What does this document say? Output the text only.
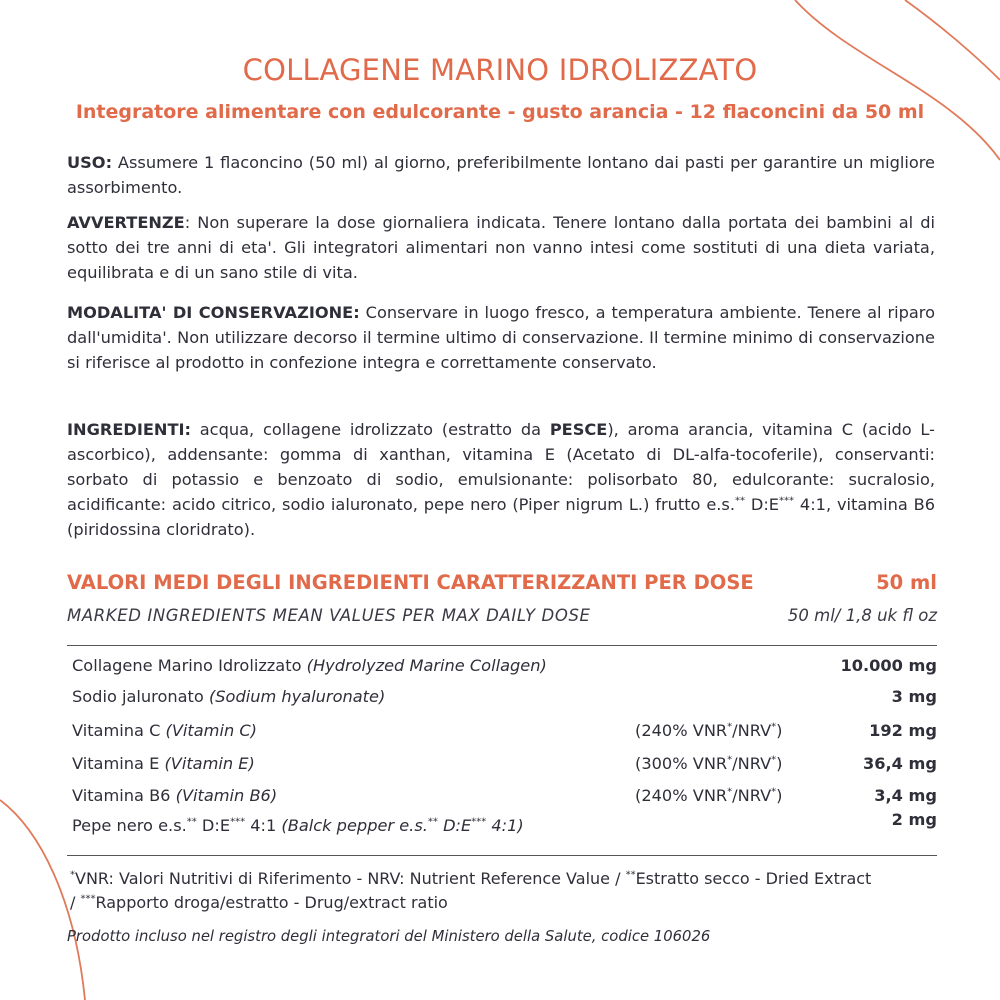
COLLAGENE MARINO IDROLIZZATO
Integratore alimentare con edulcorante - gusto arancia - 12 flaconcini da 50 ml
USO: Assumere 1 flaconcino (50 ml) al giorno, preferibilmente lontano dai pasti per garantire un migliore assorbimento.
AVVERTENZE: Non superare la dose giornaliera indicata. Tenere lontano dalla portata dei bambini al di sotto dei tre anni di eta'. Gli integratori alimentari non vanno intesi come sostituti di una dieta variata, equilibrata e di un sano stile di vita.
MODALITA' DI CONSERVAZIONE: Conservare in luogo fresco, a temperatura ambiente. Tenere al riparo dall'umidita'. Non utilizzare decorso il termine ultimo di conservazione. Il termine minimo di conservazione si riferisce al prodotto in confezione integra e correttamente conservato.
INGREDIENTI: acqua, collagene idrolizzato (estratto da PESCE), aroma arancia, vitamina C (acido L-ascorbico), addensante: gomma di xanthan, vitamina E (Acetato di DL-alfa-tocoferile), conservanti: sorbato di potassio e benzoato di sodio, emulsionante: polisorbato 80, edulcorante: sucralosio, acidificante: acido citrico, sodio ialuronato, pepe nero (Piper nigrum L.) frutto e.s.** D:E*** 4:1, vitamina B6 (piridossina cloridrato).
VALORI MEDI DEGLI INGREDIENTI CARATTERIZZANTI PER DOSE	50 ml
MARKED INGREDIENTS MEAN VALUES PER MAX DAILY DOSE	50 ml/ 1,8 uk fl oz
Collagene Marino Idrolizzato (Hydrolyzed Marine Collagen)	10.000 mg
Sodio jaluronato (Sodium hyaluronate)	3 mg
Vitamina C (Vitamin C)	(240% VNR*/NRV*)	192 mg
Vitamina E (Vitamin E)	(300% VNR*/NRV*)	36,4 mg
Vitamina B6 (Vitamin B6)	(240% VNR*/NRV*)	3,4 mg
Pepe nero e.s.** D:E*** 4:1 (Balck pepper e.s.** D:E*** 4:1)	2 mg
*VNR: Valori Nutritivi di Riferimento - NRV: Nutrient Reference Value / **Estratto secco - Dried Extract
/ ***Rapporto droga/estratto - Drug/extract ratio
Prodotto incluso nel registro degli integratori del Ministero della Salute, codice 106026
